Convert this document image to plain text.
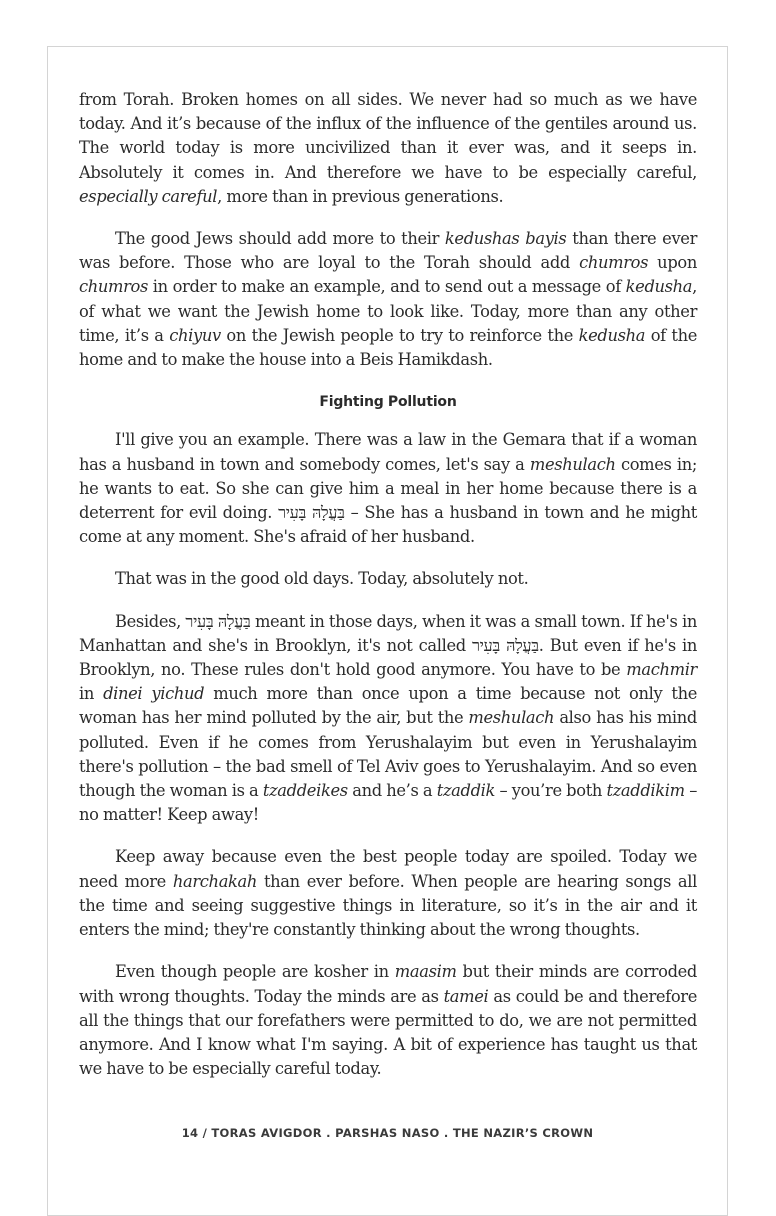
from Torah. Broken homes on all sides. We never had so much as we have today. And it’s because of the influx of the influence of the gentiles around us. The world today is more uncivilized than it ever was, and it seeps in. Absolutely it comes in. And therefore we have to be especially careful, especially careful, more than in previous generations.

The good Jews should add more to their kedushas bayis than there ever was before. Those who are loyal to the Torah should add chumros upon chumros in order to make an example, and to send out a message of kedusha, of what we want the Jewish home to look like. Today, more than any other time, it’s a chiyuv on the Jewish people to try to reinforce the kedusha of the home and to make the house into a Beis Hamikdash.

Fighting Pollution

I'll give you an example. There was a law in the Gemara that if a woman has a husband in town and somebody comes, let's say a meshulach comes in; he wants to eat. So she can give him a meal in her home because there is a deterrent for evil doing. בַּעֲלָהּ בָּעִיר – She has a husband in town and he might come at any moment. She's afraid of her husband.

That was in the good old days. Today, absolutely not.

Besides, בַּעֲלָהּ בָּעִיר meant in those days, when it was a small town. If he's in Manhattan and she's in Brooklyn, it's not called בַּעֲלָהּ בָּעִיר. But even if he's in Brooklyn, no. These rules don't hold good anymore. You have to be machmir in dinei yichud much more than once upon a time because not only the woman has her mind polluted by the air, but the meshulach also has his mind polluted. Even if he comes from Yerushalayim but even in Yerushalayim there's pollution – the bad smell of Tel Aviv goes to Yerushalayim. And so even though the woman is a tzaddeikes and he’s a tzaddik – you’re both tzaddikim – no matter! Keep away!

Keep away because even the best people today are spoiled. Today we need more harchakah than ever before. When people are hearing songs all the time and seeing suggestive things in literature, so it’s in the air and it enters the mind; they're constantly thinking about the wrong thoughts.

Even though people are kosher in maasim but their minds are corroded with wrong thoughts. Today the minds are as tamei as could be and therefore all the things that our forefathers were permitted to do, we are not permitted anymore. And I know what I'm saying. A bit of experience has taught us that we have to be especially careful today.

14 / TORAS AVIGDOR . PARSHAS NASO . THE NAZIR’S CROWN
